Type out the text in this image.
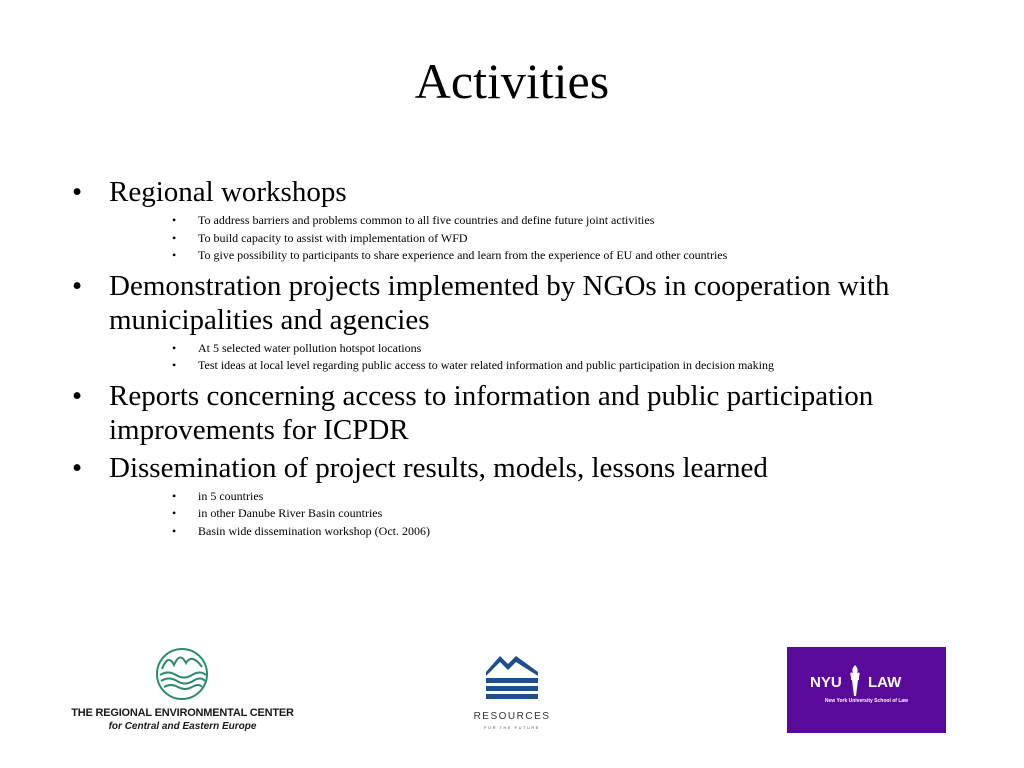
Activities
• Regional workshops
• To address barriers and problems common to all five countries and define future joint activities
• To build capacity to assist with implementation of WFD
• To give possibility to participants to share experience and learn from the experience of EU and other countries
• Demonstration projects implemented by NGOs in cooperation with municipalities and agencies
• At 5 selected water pollution hotspot locations
• Test ideas at local level regarding public access to water related information and public participation in decision making
• Reports concerning access to information and public participation improvements for ICPDR
• Dissemination of project results, models, lessons learned
• in 5 countries
• in other Danube River Basin countries
• Basin wide dissemination workshop (Oct. 2006)
THE REGIONAL ENVIRONMENTAL CENTER
for Central and Eastern Europe
RESOURCES
FOR THE FUTURE
NYU LAW
New York University School of Law
